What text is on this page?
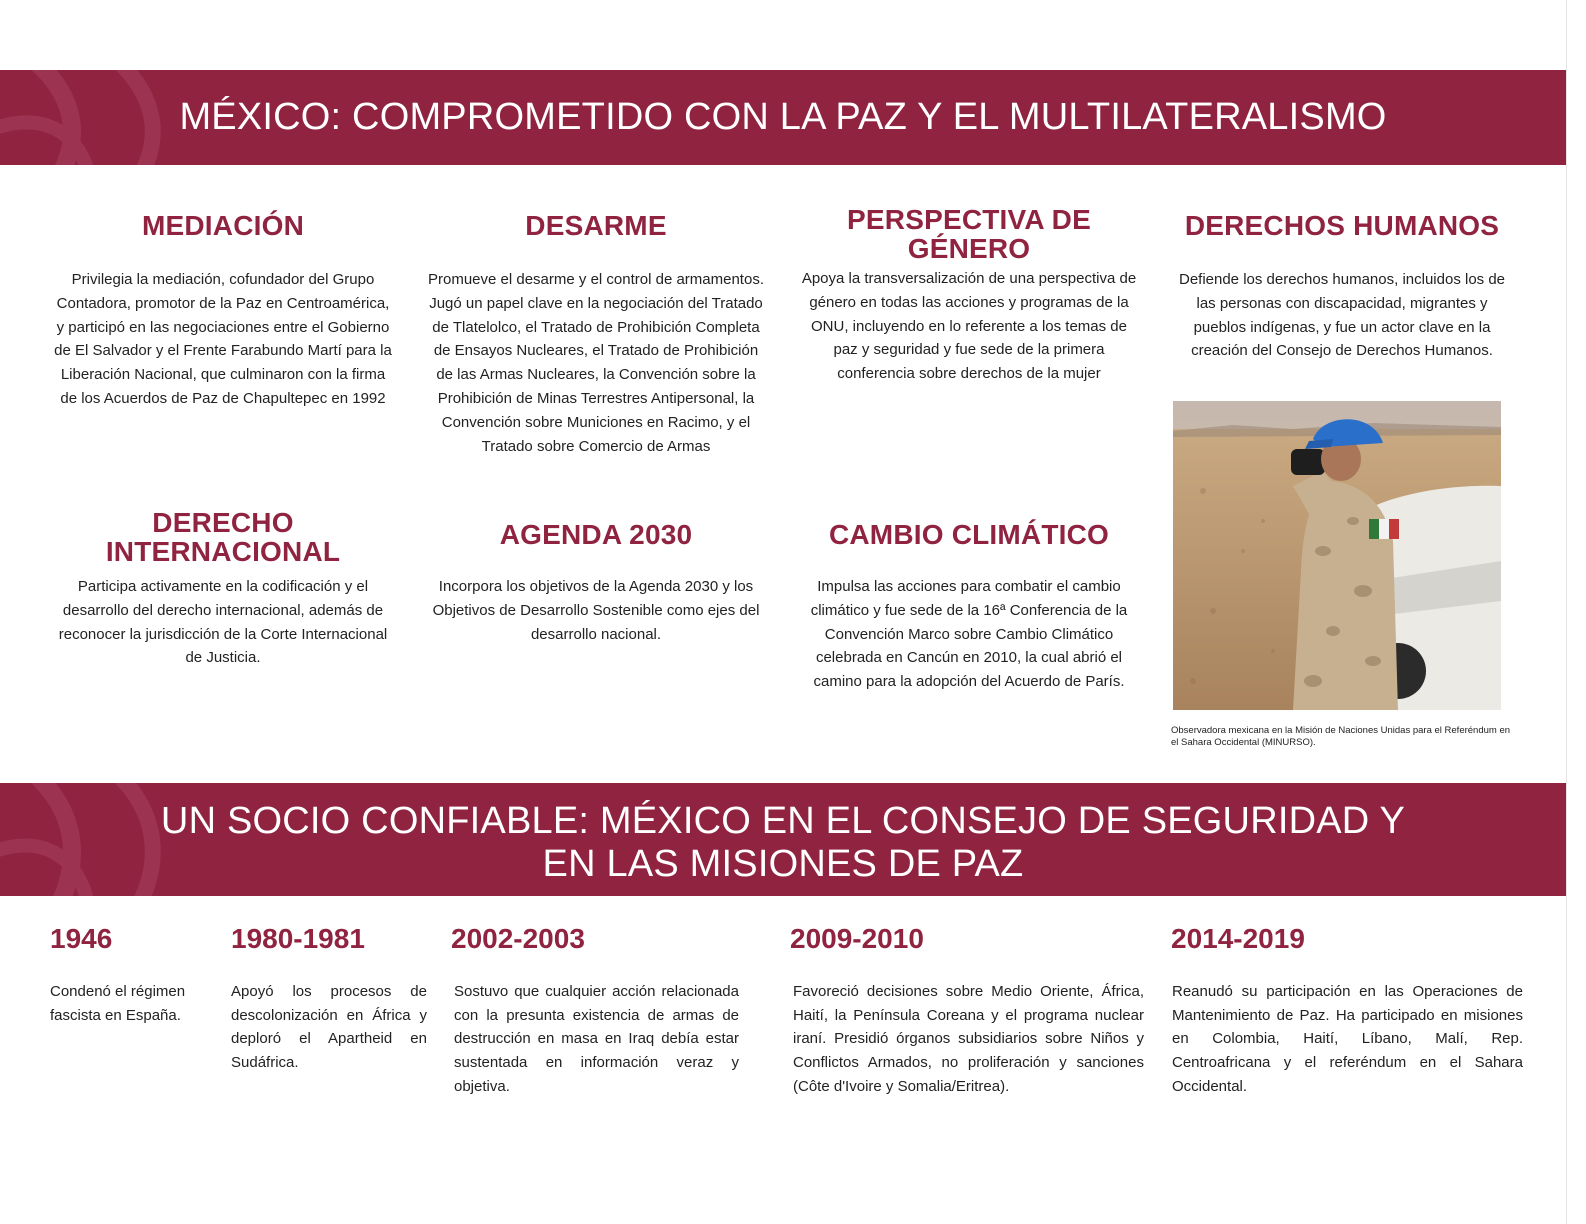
MÉXICO: COMPROMETIDO CON LA PAZ Y EL MULTILATERALISMO
MEDIACIÓN

Privilegia la mediación, cofundador del Grupo Contadora, promotor de la Paz en Centroamérica, y participó en las negociaciones entre el Gobierno de El Salvador y el Frente Farabundo Martí para la Liberación Nacional, que culminaron con la firma de los Acuerdos de Paz de Chapultepec en 1992

DESARME

Promueve el desarme y el control de armamentos. Jugó un papel clave en la negociación del Tratado de Tlatelolco, el Tratado de Prohibición Completa de Ensayos Nucleares, el Tratado de Prohibición de las Armas Nucleares, la Convención sobre la Prohibición de Minas Terrestres Antipersonal, la Convención sobre Municiones en Racimo, y el Tratado sobre Comercio de Armas

PERSPECTIVA DE GÉNERO

Apoya la transversalización de una perspectiva de género en todas las acciones y programas de la ONU, incluyendo en lo referente a los temas de paz y seguridad y fue sede de la primera conferencia sobre derechos de la mujer

DERECHOS HUMANOS

Defiende los derechos humanos, incluidos los de las personas con discapacidad, migrantes y pueblos indígenas, y fue un actor clave en la creación del Consejo de Derechos Humanos.

DERECHO INTERNACIONAL

Participa activamente en la codificación y el desarrollo del derecho internacional, además de reconocer la jurisdicción de la Corte Internacional de Justicia.

AGENDA 2030

Incorpora los objetivos de la Agenda 2030 y los Objetivos de Desarrollo Sostenible como ejes del desarrollo nacional.

CAMBIO CLIMÁTICO

Impulsa las acciones para combatir el cambio climático y fue sede de la 16ª Conferencia de la Convención Marco sobre Cambio Climático celebrada en Cancún en 2010, la cual abrió el camino para la adopción del Acuerdo de París.

Observadora mexicana en la Misión de Naciones Unidas para el Referéndum en el Sahara Occidental (MINURSO).

UN SOCIO CONFIABLE: MÉXICO EN EL CONSEJO DE SEGURIDAD Y
EN LAS MISIONES DE PAZ
1946

Condenó el régimen fascista en España.

1980-1981

Apoyó los procesos de descolonización en África y deploró el Apartheid en Sudáfrica.

2002-2003

Sostuvo que cualquier acción relacionada con la presunta existencia de armas de destrucción en masa en Iraq debía estar sustentada en información veraz y objetiva.

2009-2010

Favoreció decisiones sobre Medio Oriente, África, Haití, la Península Coreana y el programa nuclear iraní. Presidió órganos subsidiarios sobre Niños y Conflictos Armados, no proliferación y sanciones (Côte d'Ivoire y Somalia/Eritrea).

2014-2019

Reanudó su participación en las Operaciones de Mantenimiento de Paz. Ha participado en misiones en Colombia, Haití, Líbano, Malí, Rep. Centroafricana y el referéndum en el Sahara Occidental.
